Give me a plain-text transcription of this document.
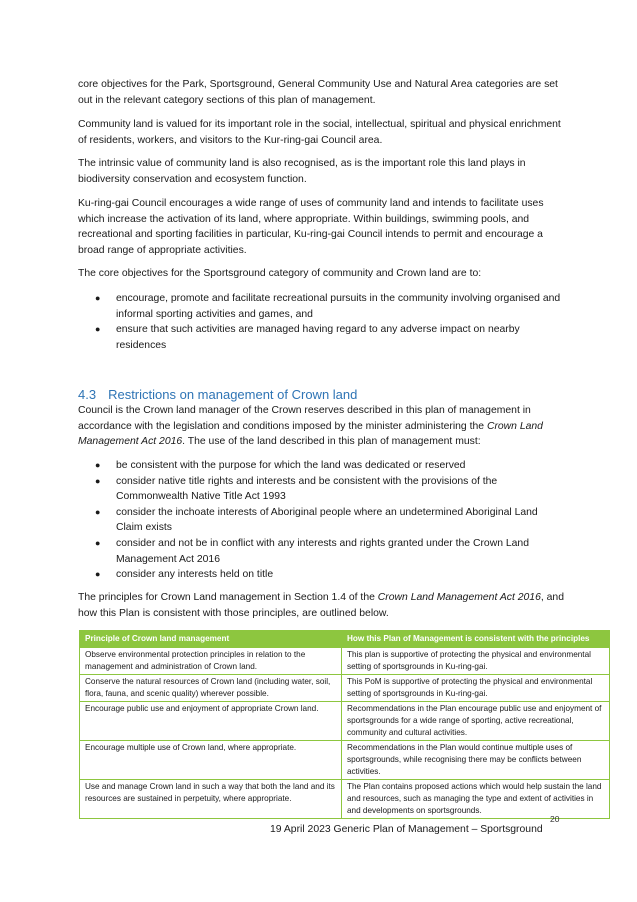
core objectives for the Park, Sportsground, General Community Use and Natural Area categories are set out in the relevant category sections of this plan of management.

Community land is valued for its important role in the social, intellectual, spiritual and physical enrichment of residents, workers, and visitors to the Kur-ring-gai Council area.

The intrinsic value of community land is also recognised, as is the important role this land plays in biodiversity conservation and ecosystem function.

Ku-ring-gai Council encourages a wide range of uses of community land and intends to facilitate uses which increase the activation of its land, where appropriate. Within buildings, swimming pools, and recreational and sporting facilities in particular, Ku-ring-gai Council intends to permit and encourage a broad range of appropriate activities.

The core objectives for the Sportsground category of community and Crown land are to:

● encourage, promote and facilitate recreational pursuits in the community involving organised and informal sporting activities and games, and
● ensure that such activities are managed having regard to any adverse impact on nearby residences
4.3 Restrictions on management of Crown land

Council is the Crown land manager of the Crown reserves described in this plan of management in accordance with the legislation and conditions imposed by the minister administering the Crown Land Management Act 2016. The use of the land described in this plan of management must:

● be consistent with the purpose for which the land was dedicated or reserved
● consider native title rights and interests and be consistent with the provisions of the Commonwealth Native Title Act 1993
● consider the inchoate interests of Aboriginal people where an undetermined Aboriginal Land Claim exists
● consider and not be in conflict with any interests and rights granted under the Crown Land Management Act 2016
● consider any interests held on title

The principles for Crown Land management in Section 1.4 of the Crown Land Management Act 2016, and how this Plan is consistent with those principles, are outlined below.

Principle of Crown land management	How this Plan of Management is consistent with the principles
Observe environmental protection principles in relation to the management and administration of Crown land.	This plan is supportive of protecting the physical and environmental setting of sportsgrounds in Ku-ring-gai.
Conserve the natural resources of Crown land (including water, soil, flora, fauna, and scenic quality) wherever possible.	This PoM is supportive of protecting the physical and environmental setting of sportsgrounds in Ku-ring-gai.
Encourage public use and enjoyment of appropriate Crown land.	Recommendations in the Plan encourage public use and enjoyment of sportsgrounds for a wide range of sporting, active recreational, community and cultural activities.
Encourage multiple use of Crown land, where appropriate.	Recommendations in the Plan would continue multiple uses of sportsgrounds, while recognising there may be conflicts between activities.
Use and manage Crown land in such a way that both the land and its resources are sustained in perpetuity, where appropriate.	The Plan contains proposed actions which would help sustain the land and resources, such as managing the type and extent of activities in and developments on sportsgrounds.
20
19 April 2023 Generic Plan of Management – Sportsground
